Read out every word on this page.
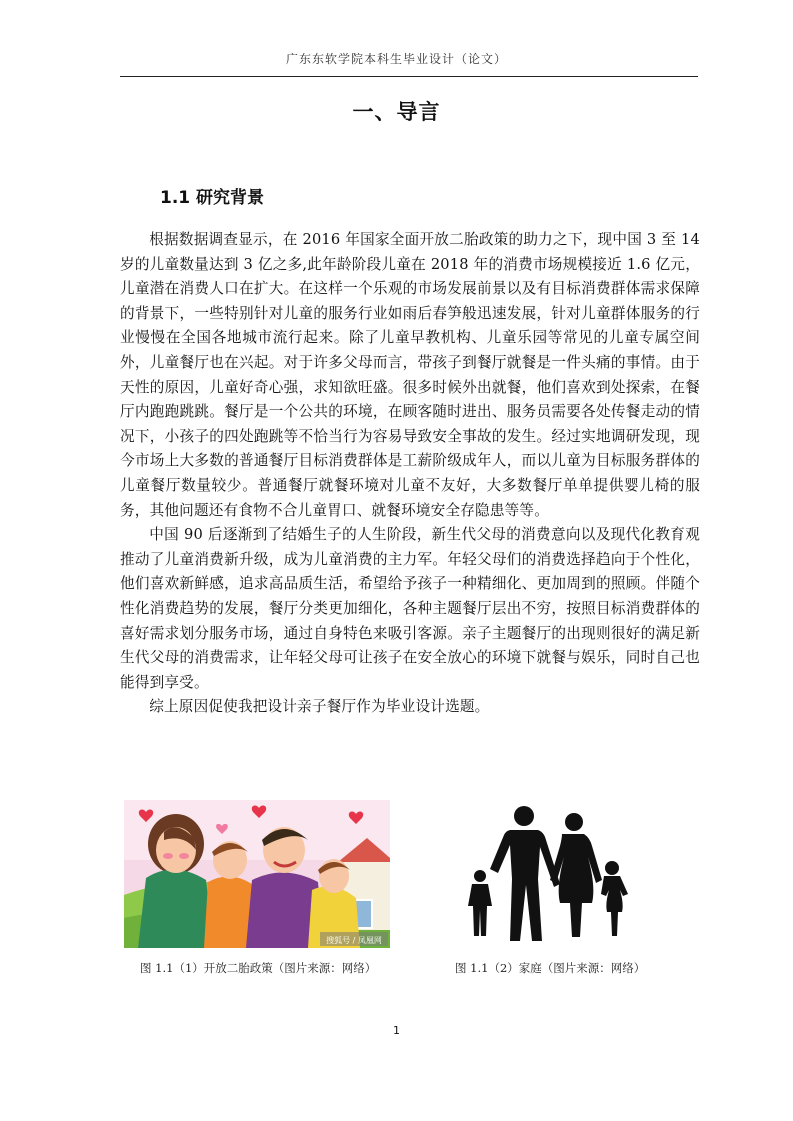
广东东软学院本科生毕业设计（论文）
一、导言
1.1 研究背景

根据数据调查显示，在 2016 年国家全面开放二胎政策的助力之下，现中国 3 至 14 岁的儿童数量达到 3 亿之多,此年龄阶段儿童在 2018 年的消费市场规模接近 1.6 亿元，儿童潜在消费人口在扩大。在这样一个乐观的市场发展前景以及有目标消费群体需求保障的背景下，一些特别针对儿童的服务行业如雨后春笋般迅速发展，针对儿童群体服务的行业慢慢在全国各地城市流行起来。除了儿童早教机构、儿童乐园等常见的儿童专属空间外，儿童餐厅也在兴起。对于许多父母而言，带孩子到餐厅就餐是一件头痛的事情。由于天性的原因，儿童好奇心强，求知欲旺盛。很多时候外出就餐，他们喜欢到处探索，在餐厅内跑跑跳跳。餐厅是一个公共的环境，在顾客随时进出、服务员需要各处传餐走动的情况下，小孩子的四处跑跳等不恰当行为容易导致安全事故的发生。经过实地调研发现，现今市场上大多数的普通餐厅目标消费群体是工薪阶级成年人，而以儿童为目标服务群体的儿童餐厅数量较少。普通餐厅就餐环境对儿童不友好，大多数餐厅单单提供婴儿椅的服务，其他问题还有食物不合儿童胃口、就餐环境安全存隐患等等。

中国 90 后逐渐到了结婚生子的人生阶段，新生代父母的消费意向以及现代化教育观推动了儿童消费新升级，成为儿童消费的主力军。年轻父母们的消费选择趋向于个性化，他们喜欢新鲜感，追求高品质生活，希望给予孩子一种精细化、更加周到的照顾。伴随个性化消费趋势的发展，餐厅分类更加细化，各种主题餐厅层出不穷，按照目标消费群体的喜好需求划分服务市场，通过自身特色来吸引客源。亲子主题餐厅的出现则很好的满足新生代父母的消费需求，让年轻父母可让孩子在安全放心的环境下就餐与娱乐，同时自己也能得到享受。

综上原因促使我把设计亲子餐厅作为毕业设计选题。

搜狐号 / 凤凰网
图 1.1（1）开放二胎政策（图片来源：网络）	图 1.1（2）家庭（图片来源：网络）
1
